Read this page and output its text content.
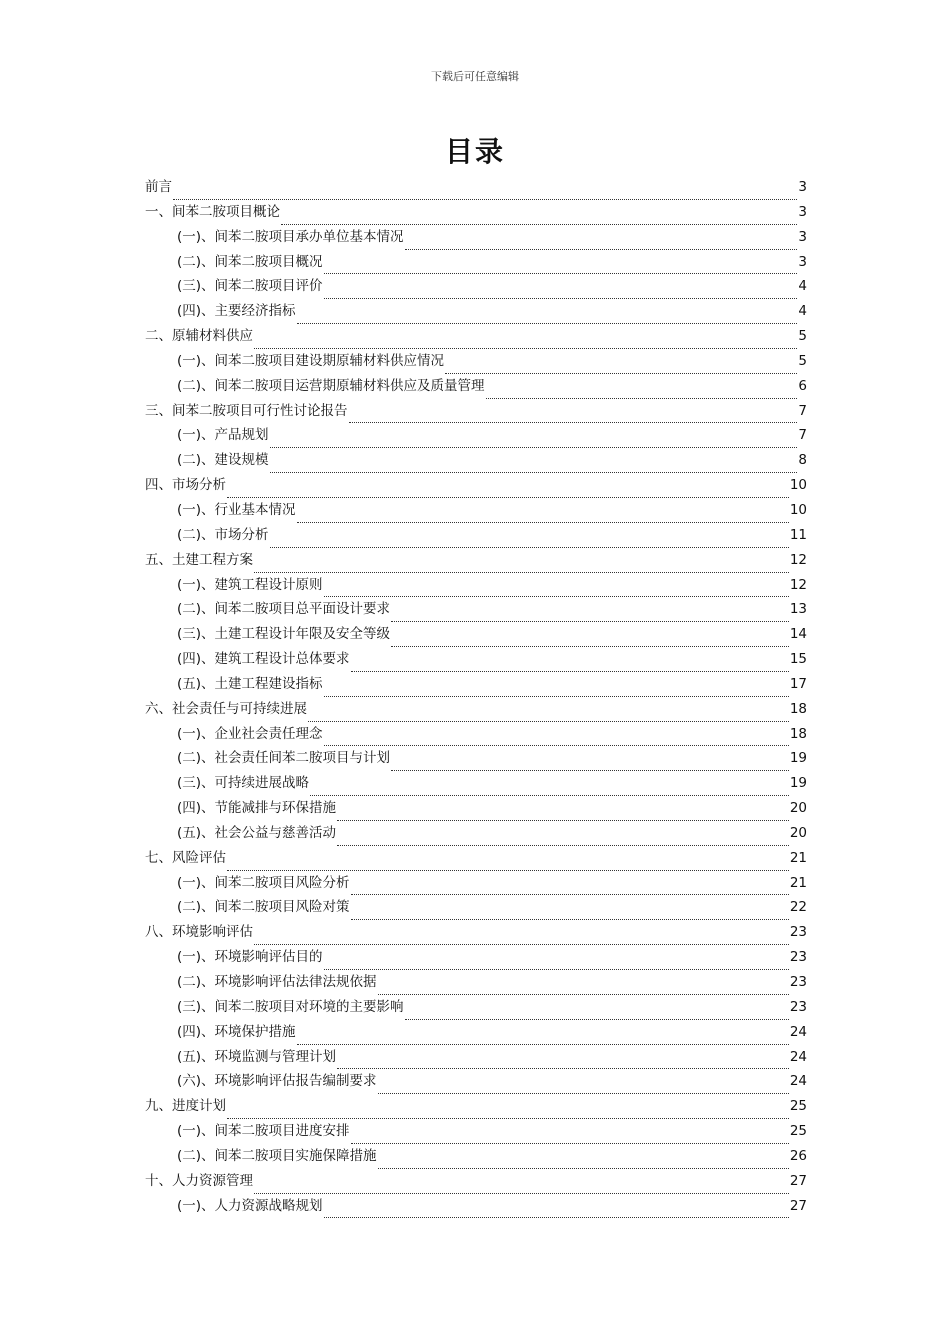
下载后可任意编辑
目录
前言	3
一、间苯二胺项目概论	3
(一)、间苯二胺项目承办单位基本情况	3
(二)、间苯二胺项目概况	3
(三)、间苯二胺项目评价	4
(四)、主要经济指标	4
二、原辅材料供应	5
(一)、间苯二胺项目建设期原辅材料供应情况	5
(二)、间苯二胺项目运营期原辅材料供应及质量管理	6
三、间苯二胺项目可行性讨论报告	7
(一)、产品规划	7
(二)、建设规模	8
四、市场分析	10
(一)、行业基本情况	10
(二)、市场分析	11
五、土建工程方案	12
(一)、建筑工程设计原则	12
(二)、间苯二胺项目总平面设计要求	13
(三)、土建工程设计年限及安全等级	14
(四)、建筑工程设计总体要求	15
(五)、土建工程建设指标	17
六、社会责任与可持续进展	18
(一)、企业社会责任理念	18
(二)、社会责任间苯二胺项目与计划	19
(三)、可持续进展战略	19
(四)、节能减排与环保措施	20
(五)、社会公益与慈善活动	20
七、风险评估	21
(一)、间苯二胺项目风险分析	21
(二)、间苯二胺项目风险对策	22
八、环境影响评估	23
(一)、环境影响评估目的	23
(二)、环境影响评估法律法规依据	23
(三)、间苯二胺项目对环境的主要影响	23
(四)、环境保护措施	24
(五)、环境监测与管理计划	24
(六)、环境影响评估报告编制要求	24
九、进度计划	25
(一)、间苯二胺项目进度安排	25
(二)、间苯二胺项目实施保障措施	26
十、人力资源管理	27
(一)、人力资源战略规划	27
